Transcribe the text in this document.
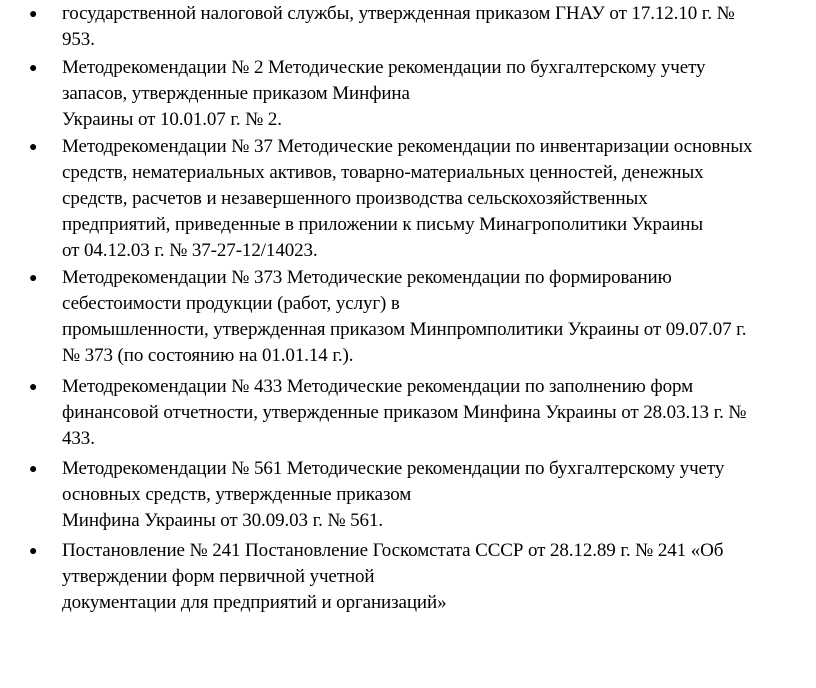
● государственной налоговой службы, утвержденная приказом ГНАУ от 17.12.10 г. №
953.
● Методрекомендации № 2 Методические рекомендации по бухгалтерскому учету
запасов, утвержденные приказом Минфина
Украины от 10.01.07 г. № 2.
● Методрекомендации № 37 Методические рекомендации по инвентаризации основных
средств, нематериальных активов, товарно-материальных ценностей, денежных
средств, расчетов и незавершенного производства сельскохозяйственных
предприятий, приведенные в приложении к письму Минагрополитики Украины
от 04.12.03 г. № 37-27-12/14023.
● Методрекомендации № 373 Методические рекомендации по формированию
себестоимости продукции (работ, услуг) в
промышленности, утвержденная приказом Минпромполитики Украины от 09.07.07 г.
№ 373 (по состоянию на 01.01.14 г.).
● Методрекомендации № 433 Методические рекомендации по заполнению форм
финансовой отчетности, утвержденные приказом Минфина Украины от 28.03.13 г. №
433.
● Методрекомендации № 561 Методические рекомендации по бухгалтерскому учету
основных средств, утвержденные приказом
Минфина Украины от 30.09.03 г. № 561.
● Постановление № 241 Постановление Госкомстата СССР от 28.12.89 г. № 241 «Об
утверждении форм первичной учетной
документации для предприятий и организаций»
